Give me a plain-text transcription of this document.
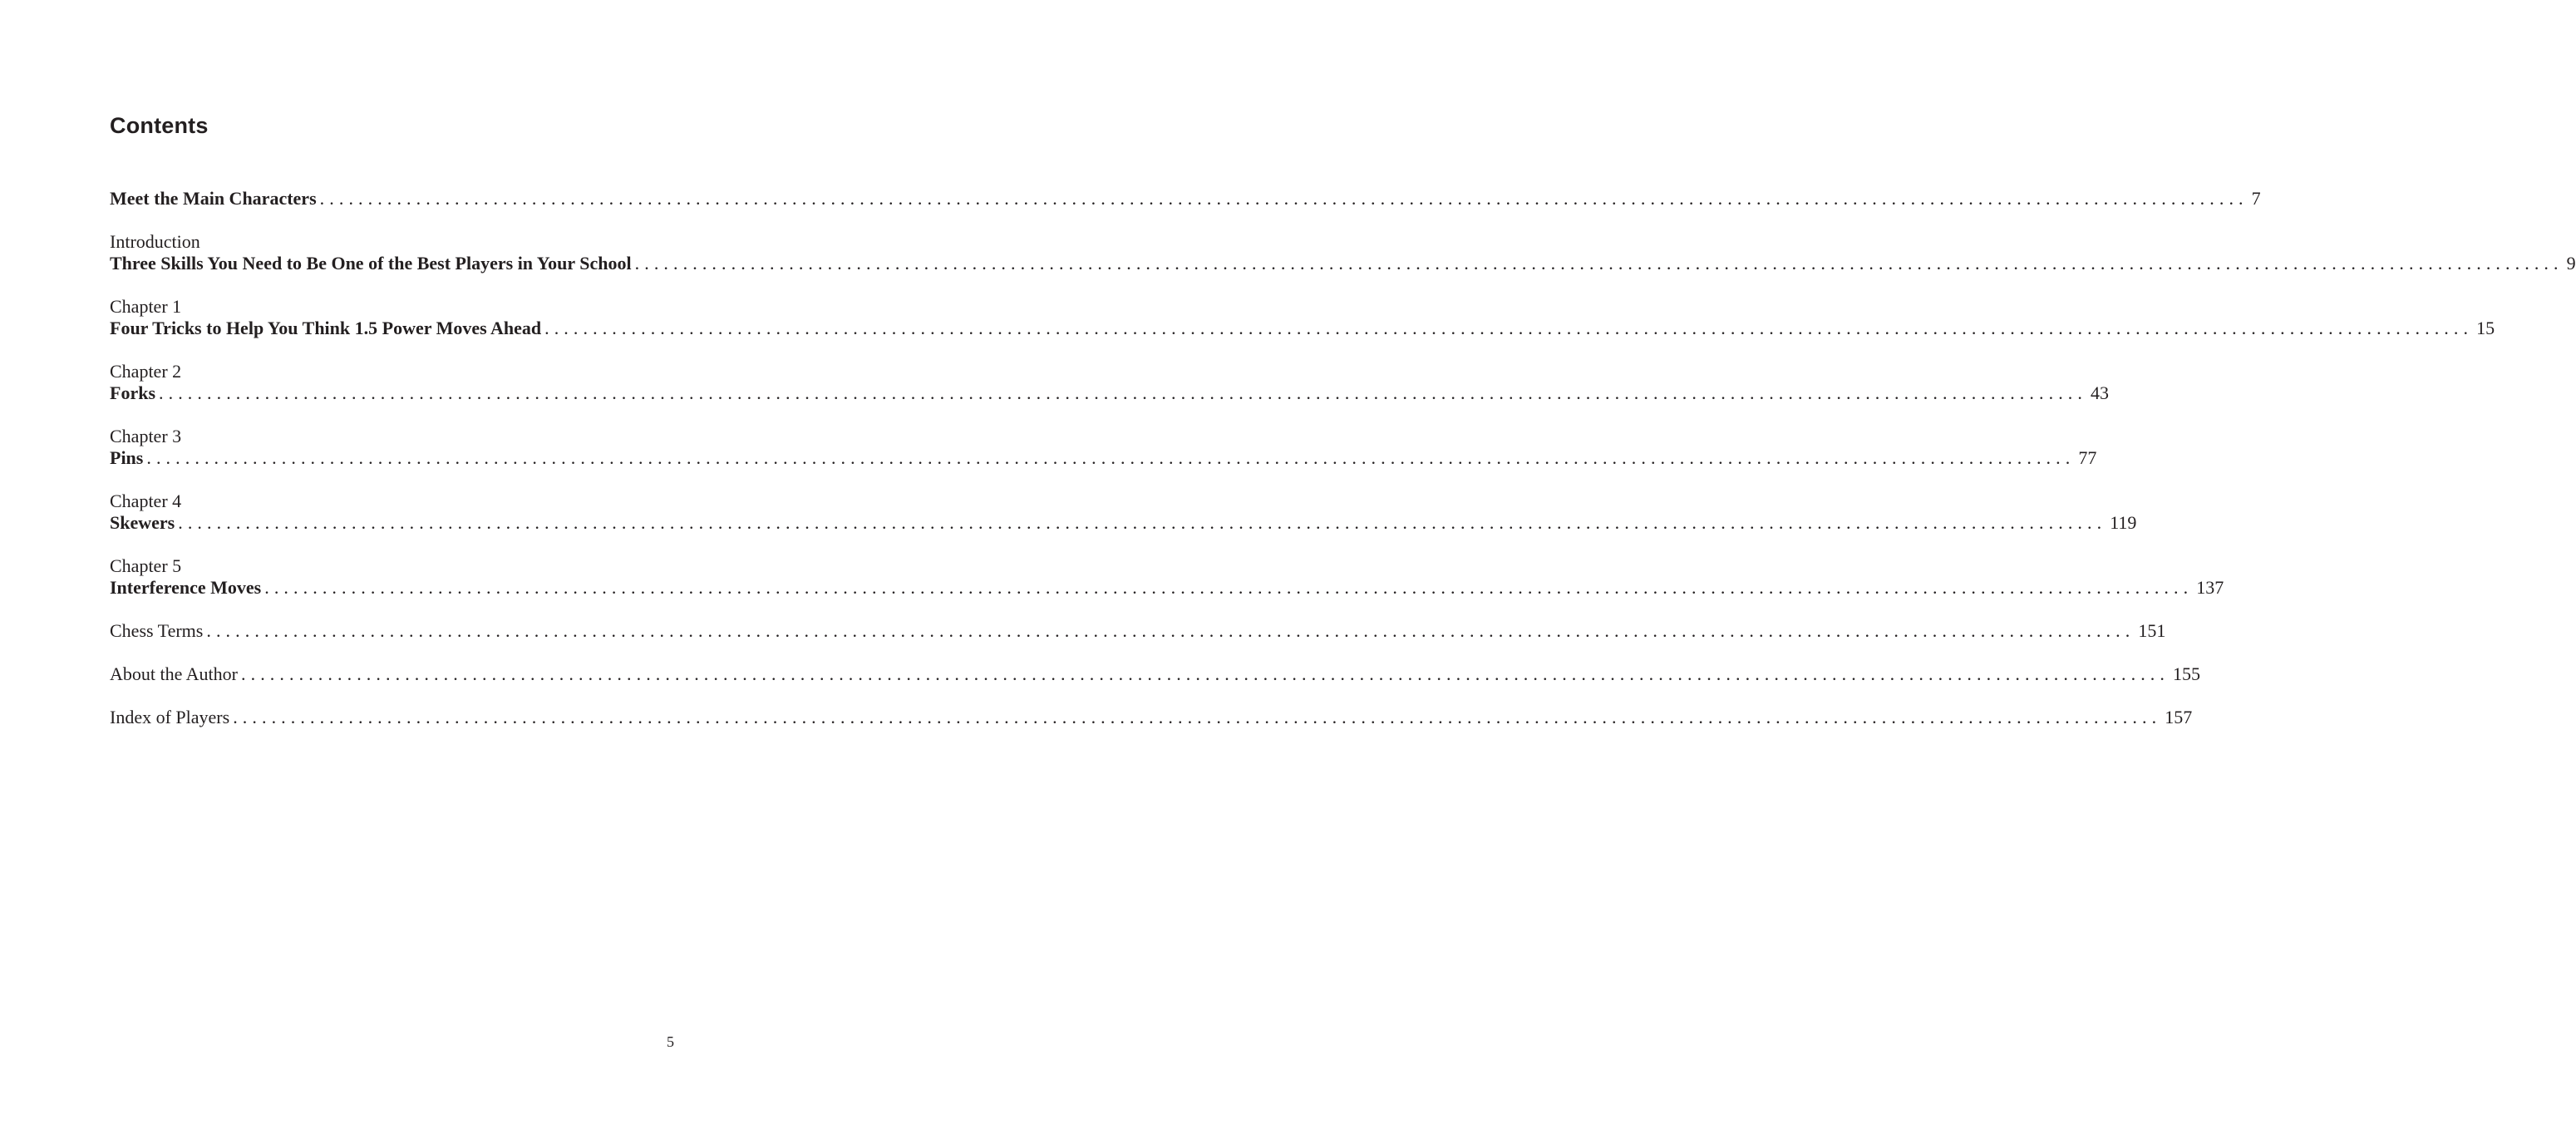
Contents
Meet the Main Characters ........................................................................................................................................................................................................ 7
Introduction
Three Skills You Need to Be One of the Best Players in Your School ........................................................................................................................................................................................................ 9
Chapter 1
Four Tricks to Help You Think 1.5 Power Moves Ahead ........................................................................................................................................................................................................ 15
Chapter 2
Forks ........................................................................................................................................................................................................ 43
Chapter 3
Pins ........................................................................................................................................................................................................ 77
Chapter 4
Skewers ........................................................................................................................................................................................................ 119
Chapter 5
Interference Moves ........................................................................................................................................................................................................ 137
Chess Terms ........................................................................................................................................................................................................ 151
About the Author ........................................................................................................................................................................................................ 155
Index of Players ........................................................................................................................................................................................................ 157
5
